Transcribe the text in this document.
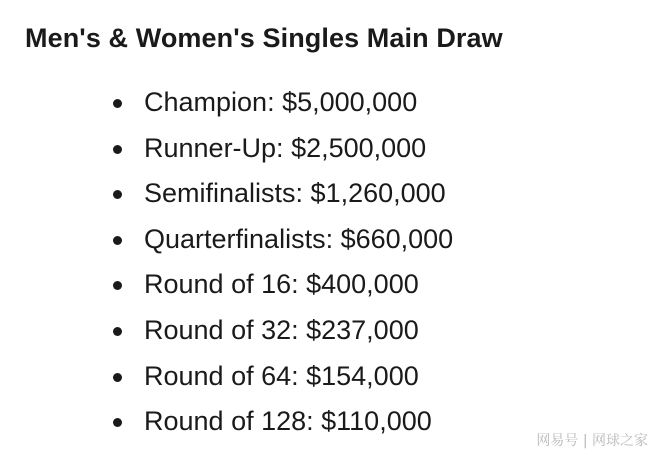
Men's & Women's Singles Main Draw
Champion: $5,000,000
Runner-Up: $2,500,000
Semifinalists: $1,260,000
Quarterfinalists: $660,000
Round of 16: $400,000
Round of 32: $237,000
Round of 64: $154,000
Round of 128: $110,000
网易号 | 网球之家
